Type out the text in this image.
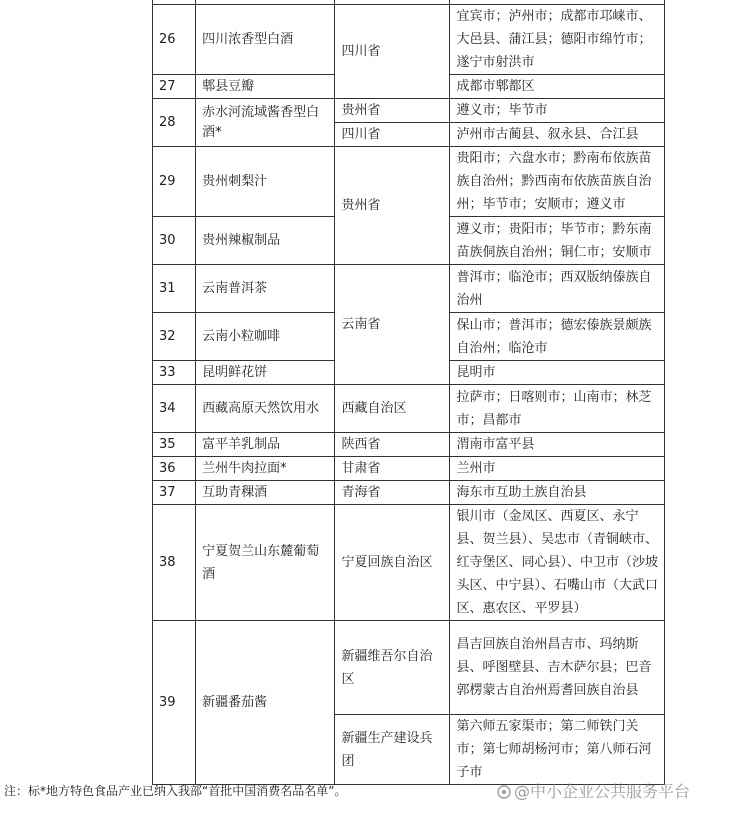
26	四川浓香型白酒	四川省	宜宾市；泸州市；成都市邛崃市、大邑县、蒲江县；德阳市绵竹市；遂宁市射洪市
27	郫县豆瓣		成都市郫都区
28	赤水河流域酱香型白酒*	贵州省	遵义市；毕节市
		四川省	泸州市古蔺县、叙永县、合江县
29	贵州刺梨汁	贵州省	贵阳市；六盘水市；黔南布依族苗族自治州；黔西南布依族苗族自治州；毕节市；安顺市；遵义市
30	贵州辣椒制品		遵义市；贵阳市；毕节市；黔东南苗族侗族自治州；铜仁市；安顺市
31	云南普洱茶	云南省	普洱市；临沧市；西双版纳傣族自治州
32	云南小粒咖啡		保山市；普洱市；德宏傣族景颇族自治州；临沧市
33	昆明鲜花饼		昆明市
34	西藏高原天然饮用水	西藏自治区	拉萨市；日喀则市；山南市；林芝市；昌都市
35	富平羊乳制品	陕西省	渭南市富平县
36	兰州牛肉拉面*	甘肃省	兰州市
37	互助青稞酒	青海省	海东市互助土族自治县
38	宁夏贺兰山东麓葡萄酒	宁夏回族自治区	银川市（金凤区、西夏区、永宁县、贺兰县）、吴忠市（青铜峡市、红寺堡区、同心县）、中卫市（沙坡头区、中宁县）、石嘴山市（大武口区、惠农区、平罗县）
39	新疆番茄酱	新疆维吾尔自治区	昌吉回族自治州昌吉市、玛纳斯县、呼图壁县、吉木萨尔县；巴音郭楞蒙古自治州焉耆回族自治县
		新疆生产建设兵团	第六师五家渠市；第二师铁门关市；第七师胡杨河市；第八师石河子市
注：标*地方特色食品产业已纳入我部“首批中国消费名品名单”。	@中小企业公共服务平台
